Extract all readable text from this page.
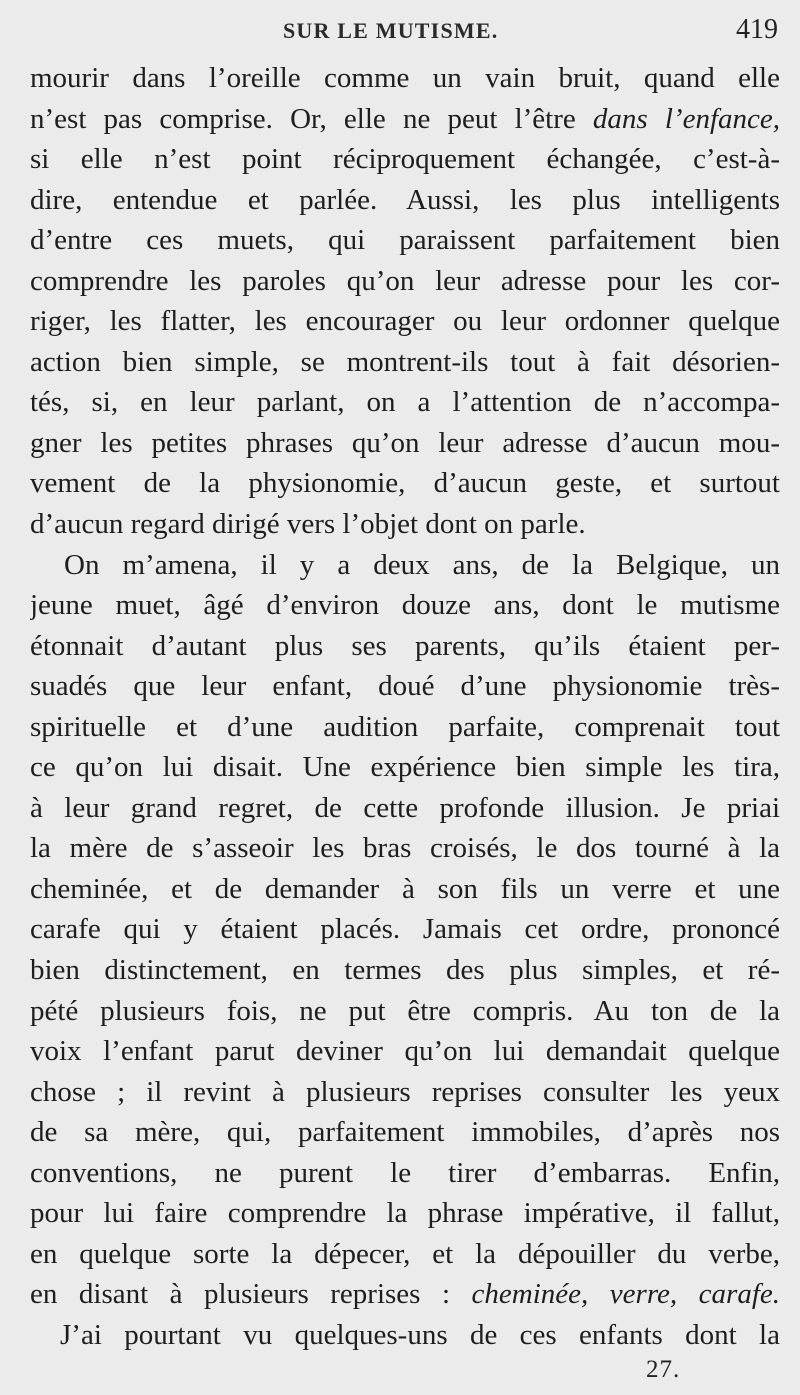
SUR LE MUTISME.	419
mourir dans l’oreille comme un vain bruit, quand elle
n’est pas comprise. Or, elle ne peut l’être dans l’enfance,
si elle n’est point réciproquement échangée, c’est-à-
dire, entendue et parlée. Aussi, les plus intelligents
d’entre ces muets, qui paraissent parfaitement bien
comprendre les paroles qu’on leur adresse pour les cor-
riger, les flatter, les encourager ou leur ordonner quelque
action bien simple, se montrent-ils tout à fait désorien-
tés, si, en leur parlant, on a l’attention de n’accompa-
gner les petites phrases qu’on leur adresse d’aucun mou-
vement de la physionomie, d’aucun geste, et surtout
d’aucun regard dirigé vers l’objet dont on parle.
On m’amena, il y a deux ans, de la Belgique, un
jeune muet, âgé d’environ douze ans, dont le mutisme
étonnait d’autant plus ses parents, qu’ils étaient per-
suadés que leur enfant, doué d’une physionomie très-
spirituelle et d’une audition parfaite, comprenait tout
ce qu’on lui disait. Une expérience bien simple les tira,
à leur grand regret, de cette profonde illusion. Je priai
la mère de s’asseoir les bras croisés, le dos tourné à la
cheminée, et de demander à son fils un verre et une
carafe qui y étaient placés. Jamais cet ordre, prononcé
bien distinctement, en termes des plus simples, et ré-
pété plusieurs fois, ne put être compris. Au ton de la
voix l’enfant parut deviner qu’on lui demandait quelque
chose ; il revint à plusieurs reprises consulter les yeux
de sa mère, qui, parfaitement immobiles, d’après nos
conventions, ne purent le tirer d’embarras. Enfin,
pour lui faire comprendre la phrase impérative, il fallut,
en quelque sorte la dépecer, et la dépouiller du verbe,
en disant à plusieurs reprises : cheminée, verre, carafe.
J’ai pourtant vu quelques-uns de ces enfants dont la
27.
